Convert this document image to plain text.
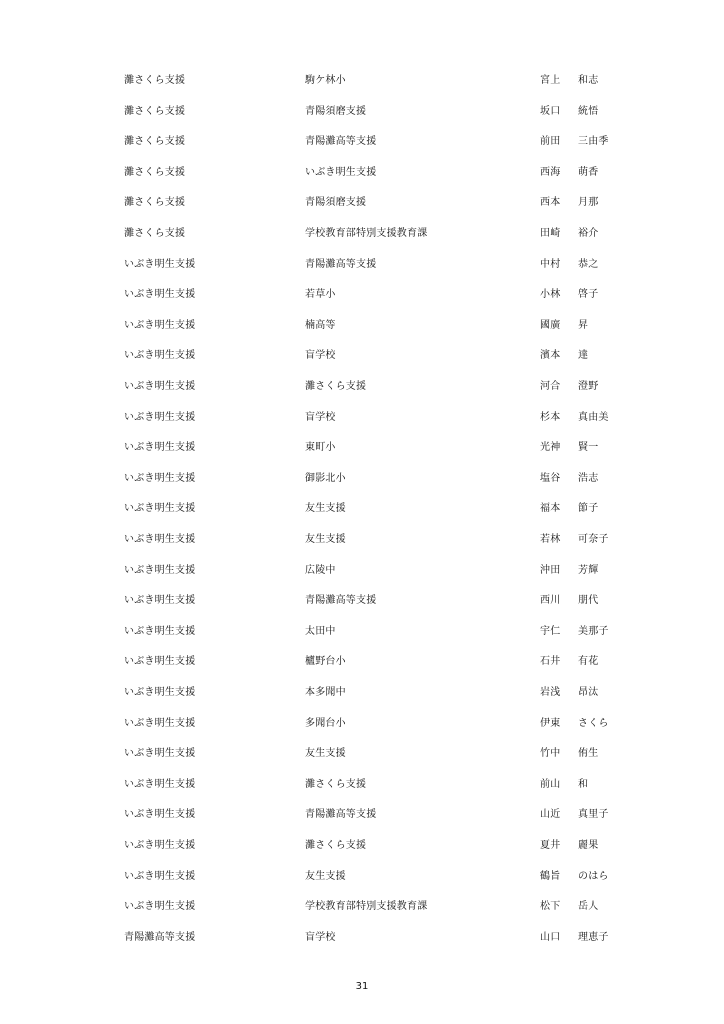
灘さくら支援	駒ケ林小	宮上 和志
灘さくら支援	青陽須磨支援	坂口 統悟
灘さくら支援	青陽灘高等支援	前田 三由季
灘さくら支援	いぶき明生支援	西海 萌香
灘さくら支援	青陽須磨支援	西本 月那
灘さくら支援	学校教育部特別支援教育課	田崎 裕介
いぶき明生支援	青陽灘高等支援	中村 恭之
いぶき明生支援	若草小	小林 啓子
いぶき明生支援	楠高等	國廣 昇
いぶき明生支援	盲学校	濱本 達
いぶき明生支援	灘さくら支援	河合 澄野
いぶき明生支援	盲学校	杉本 真由美
いぶき明生支援	東町小	光神 賢一
いぶき明生支援	御影北小	塩谷 浩志
いぶき明生支援	友生支援	福本 節子
いぶき明生支援	友生支援	若林 可奈子
いぶき明生支援	広陵中	沖田 芳輝
いぶき明生支援	青陽灘高等支援	西川 朋代
いぶき明生支援	太田中	宇仁 美那子
いぶき明生支援	櫨野台小	石井 有花
いぶき明生支援	本多聞中	岩浅 昂汰
いぶき明生支援	多聞台小	伊東 さくら
いぶき明生支援	友生支援	竹中 侑生
いぶき明生支援	灘さくら支援	前山 和
いぶき明生支援	青陽灘高等支援	山近 真里子
いぶき明生支援	灘さくら支援	夏井 麗果
いぶき明生支援	友生支援	鶴旨 のはら
いぶき明生支援	学校教育部特別支援教育課	松下 岳人
青陽灘高等支援	盲学校	山口 理恵子
31
